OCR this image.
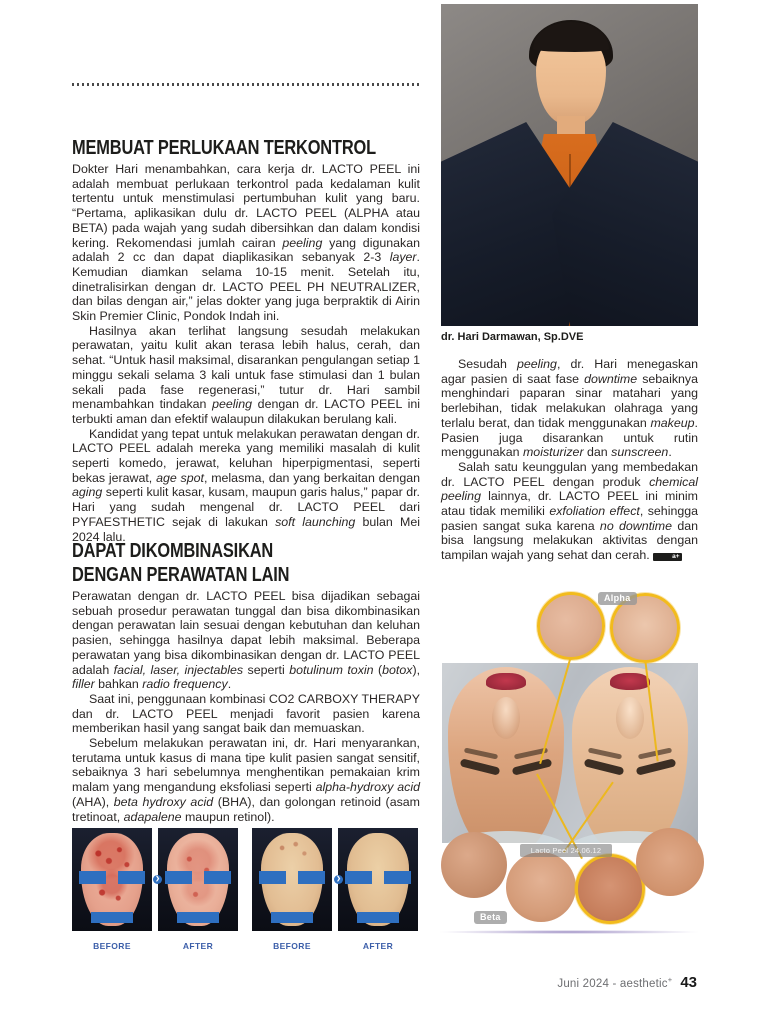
MEMBUAT PERLUKAAN TERKONTROL

Dokter Hari menambahkan, cara kerja dr. LACTO PEEL ini adalah membuat perlukaan terkontrol pada kedalaman kulit tertentu untuk menstimulasi pertumbuhan kulit yang baru. “Pertama, aplikasikan dulu dr. LACTO PEEL (ALPHA atau BETA) pada wajah yang sudah dibersihkan dan dalam kondisi kering. Rekomendasi jumlah cairan peeling yang digunakan adalah 2 cc dan dapat diaplikasikan sebanyak 2-3 layer. Kemudian diamkan selama 10-15 menit. Setelah itu, dinetralisirkan dengan dr. LACTO PEEL PH NEUTRALIZER, dan bilas dengan air,” jelas dokter yang juga berpraktik di Airin Skin Premier Clinic, Pondok Indah ini.

Hasilnya akan terlihat langsung sesudah melakukan perawatan, yaitu kulit akan terasa lebih halus, cerah, dan sehat. “Untuk hasil maksimal, disarankan pengulangan setiap 1 minggu sekali selama 3 kali untuk fase stimulasi dan 1 bulan sekali pada fase regenerasi,” tutur dr. Hari sambil menambahkan tindakan peeling dengan dr. LACTO PEEL ini terbukti aman dan efektif walaupun dilakukan berulang kali.

Kandidat yang tepat untuk melakukan perawatan dengan dr. LACTO PEEL adalah mereka yang memiliki masalah di kulit seperti komedo, jerawat, keluhan hiperpigmentasi, seperti bekas jerawat, age spot, melasma, dan yang berkaitan dengan aging seperti kulit kasar, kusam, maupun garis halus,” papar dr. Hari yang sudah mengenal dr. LACTO PEEL dari PYFAESTHETIC sejak di lakukan soft launching bulan Mei 2024 lalu.

DAPAT DIKOMBINASIKAN
DENGAN PERAWATAN LAIN

Perawatan dengan dr. LACTO PEEL bisa dijadikan sebagai sebuah prosedur perawatan tunggal dan bisa dikombinasikan dengan perawatan lain sesuai dengan kebutuhan dan keluhan pasien, sehingga hasilnya dapat lebih maksimal. Beberapa perawatan yang bisa dikombinasikan dengan dr. LACTO PEEL adalah facial, laser, injectables seperti botulinum toxin (botox), filler bahkan radio frequency.

Saat ini, penggunaan kombinasi CO2 CARBOXY THERAPY dan dr. LACTO PEEL menjadi favorit pasien karena memberikan hasil yang sangat baik dan memuaskan.

Sebelum melakukan perawatan ini, dr. Hari menyarankan, terutama untuk kasus di mana tipe kulit pasien sangat sensitif, sebaiknya 3 hari sebelumnya menghentikan pemakaian krim malam yang mengandung eksfoliasi seperti alpha-hydroxy acid (AHA), beta hydroxy acid (BHA), dan golongan retinoid (asam tretinoat, adapalene maupun retinol).

❯	❯
BEFORE	AFTER	BEFORE	AFTER
dr. Hari Darmawan, Sp.DVE

Sesudah peeling, dr. Hari menegaskan agar pasien di saat fase downtime sebaiknya menghindari paparan sinar matahari yang berlebihan, tidak melakukan olahraga yang terlalu berat, dan tidak menggunakan makeup. Pasien juga disarankan untuk rutin menggunakan moisturizer dan sunscreen.

Salah satu keunggulan yang membedakan dr. LACTO PEEL dengan produk chemical peeling lainnya, dr. LACTO PEEL ini minim atau tidak memiliki exfoliation effect, sehingga pasien sangat suka karena no downtime dan bisa langsung melakukan aktivitas dengan tampilan wajah yang sehat dan cerah.	a+

Alpha
Lacto Peel 24.06.12
Beta
Juni 2024 - aesthetic+ 43
